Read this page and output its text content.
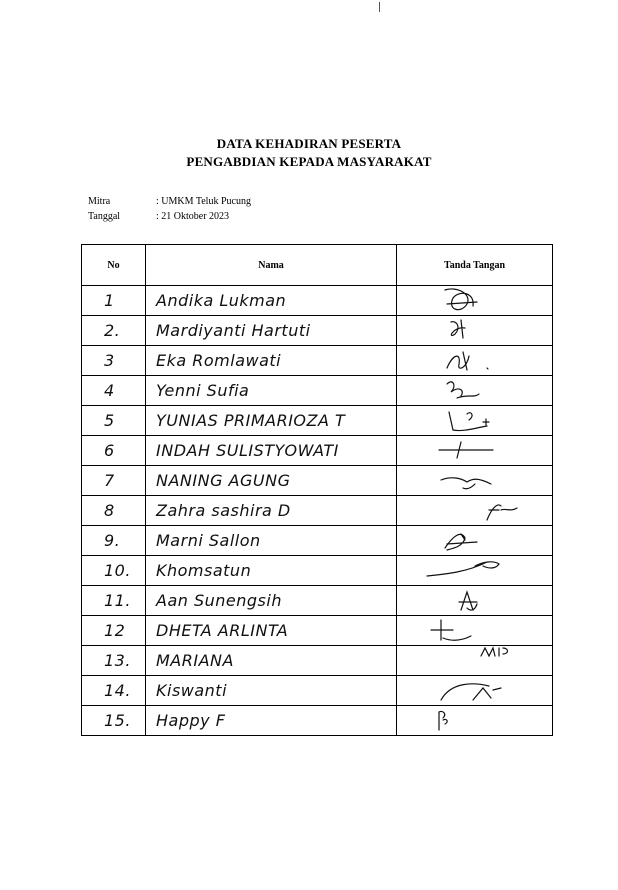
DATA KEHADIRAN PESERTA
PENGABDIAN KEPADA MASYARAKAT
Mitra	: UMKM Teluk Pucung
Tanggal	: 21 Oktober 2023
No	Nama	Tanda Tangan

1	Andika Lukman

2.	Mardiyanti Hartuti

3	Eka Romlawati

4	Yenni Sufia

5	YUNIAS PRIMARIOZA T

6	INDAH SULISTYOWATI

7	NANING AGUNG

8	Zahra sashira D

9.	Marni Sallon

10.	Khomsatun

11.	Aan Sunengsih

12	DHETA ARLINTA

13.	MARIANA

14.	Kiswanti

15.	Happy F
